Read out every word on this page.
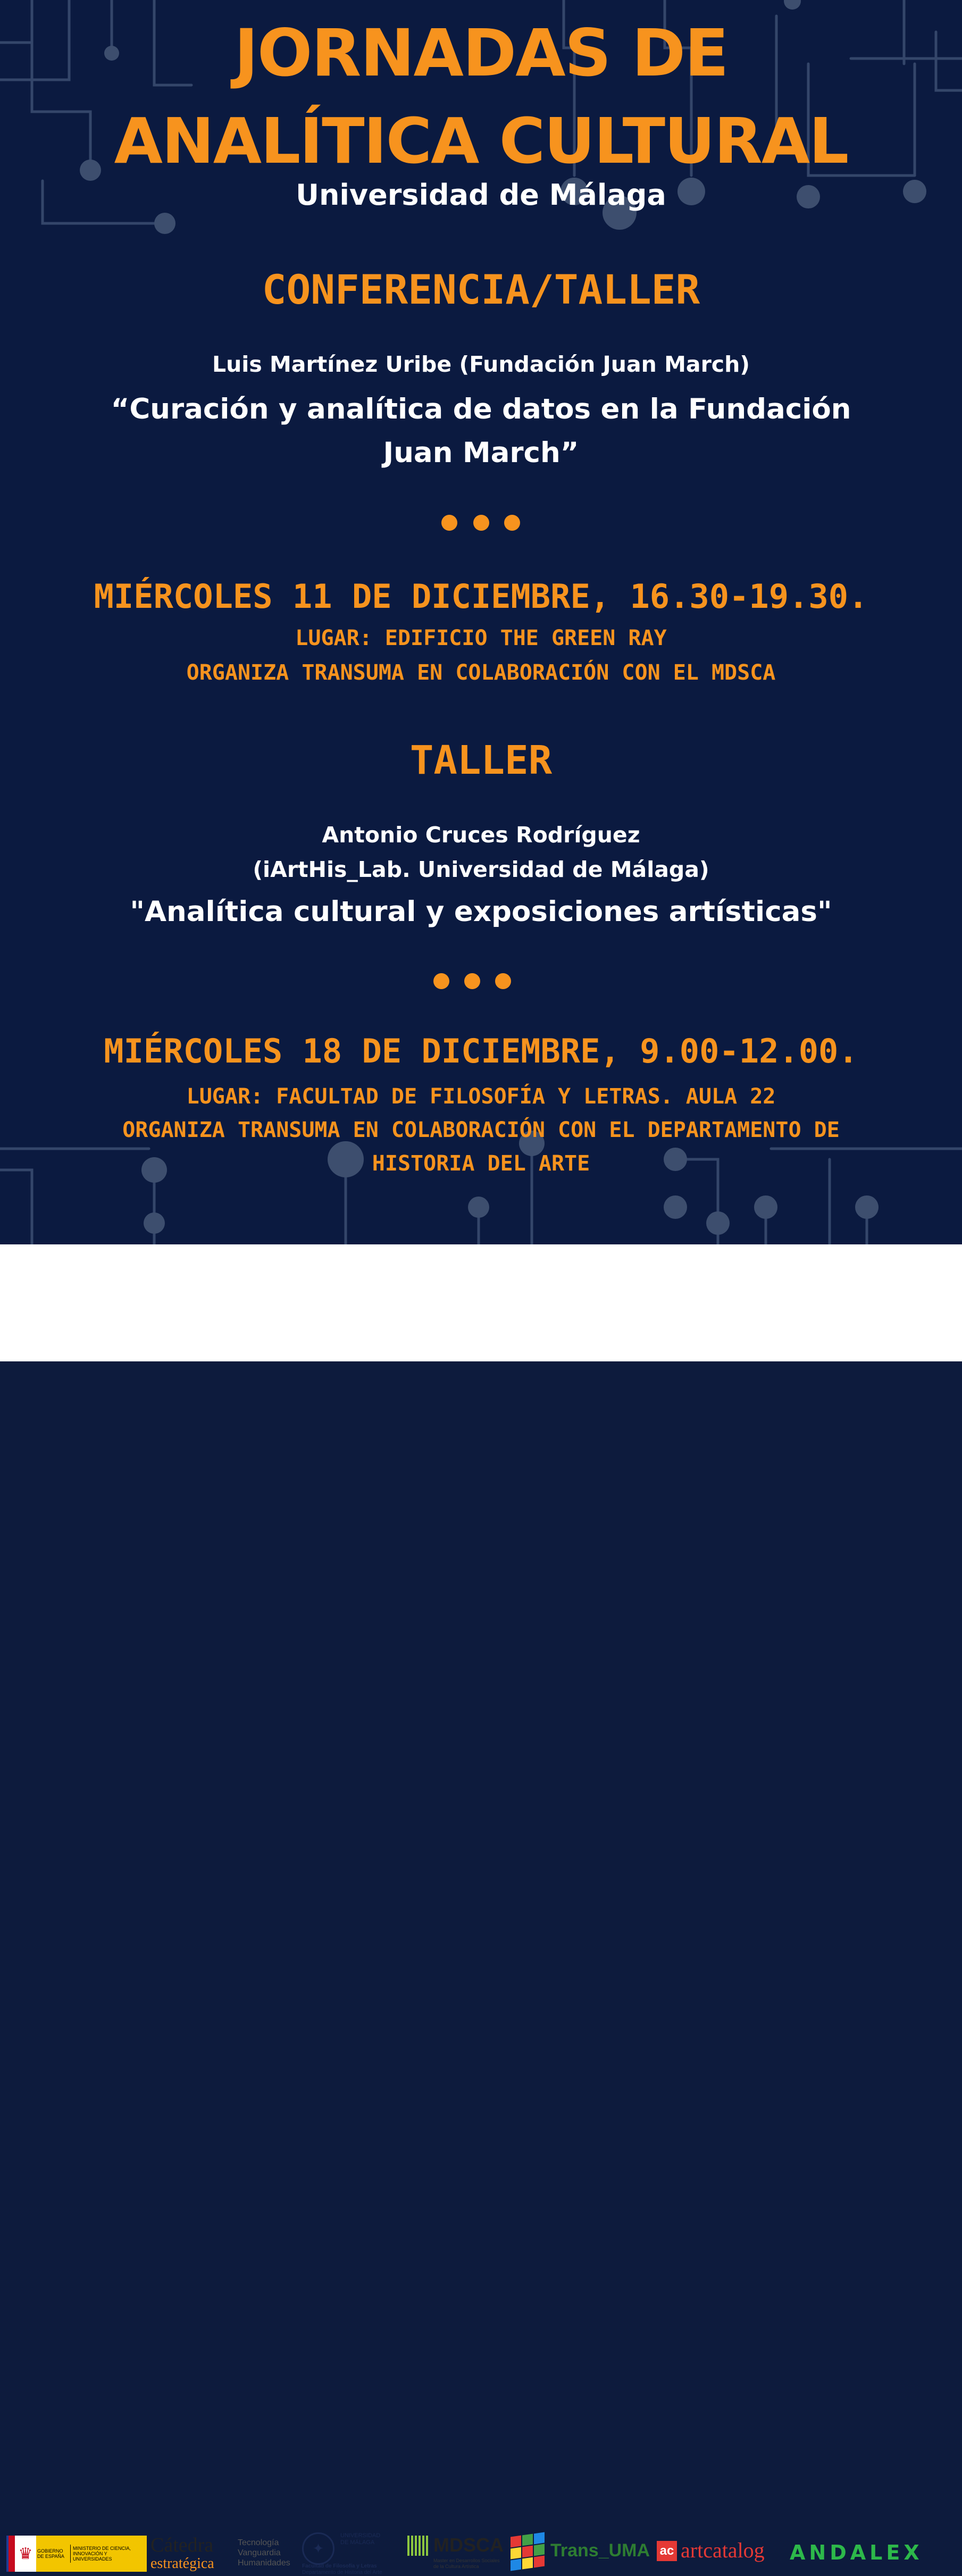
JORNADAS DE
ANALÍTICA CULTURAL
Universidad de Málaga
CONFERENCIA/TALLER
Luis Martínez Uribe (Fundación Juan March)
“Curación y analítica de datos en la Fundación
Juan March”
MIÉRCOLES 11 DE DICIEMBRE, 16.30-19.30.
LUGAR: EDIFICIO THE GREEN RAY
ORGANIZA TRANSUMA EN COLABORACIÓN CON EL MDSCA
TALLER
Antonio Cruces Rodríguez
(iArtHis_Lab. Universidad de Málaga)
"Analítica cultural y exposiciones artísticas"
MIÉRCOLES 18 DE DICIEMBRE, 9.00-12.00.
LUGAR: FACULTAD DE FILOSOFÍA Y LETRAS. AULA 22
ORGANIZA TRANSUMA EN COLABORACIÓN CON EL DEPARTAMENTO DE
HISTORIA DEL ARTE
♛ GOBIERNO DE ESPAÑA
MINISTERIO DE CIENCIA, INNOVACIÓN Y UNIVERSIDADES
Cátedra
estratégica
Tecnología
Vanguardia
Humanidades
✦
UNIVERSIDAD
DE MÁLAGA
Facultad de Filosofía y Letras
Departamento de Historia del Arte
MDSCA
Master en Desarrollos Sociales
de la Cultura Artística
Trans_UMA ac artcatalog ANDALEX
